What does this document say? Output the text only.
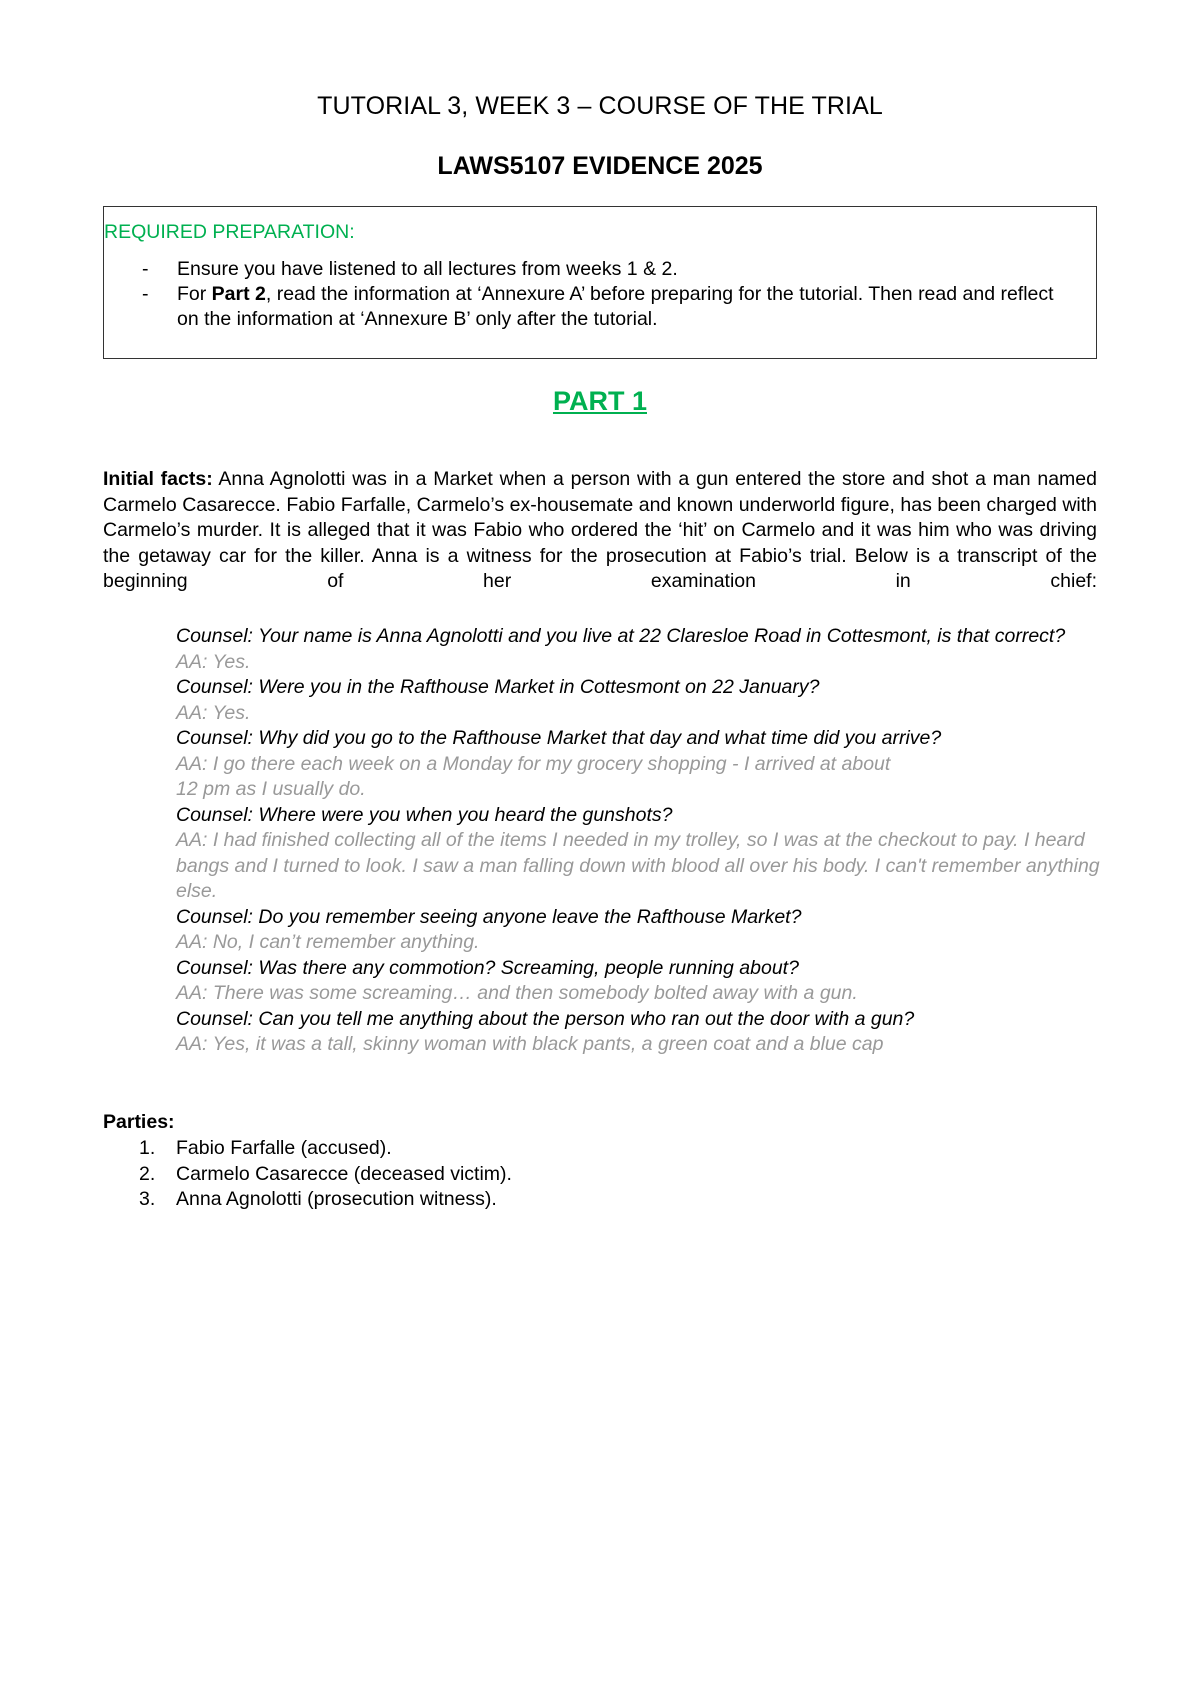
TUTORIAL 3, WEEK 3 – COURSE OF THE TRIAL
LAWS5107 EVIDENCE 2025

REQUIRED PREPARATION:

- Ensure you have listened to all lectures from weeks 1 & 2.
- For Part 2, read the information at ‘Annexure A’ before preparing for the tutorial. Then read and reflect on the information at ‘Annexure B’ only after the tutorial.
PART 1

Initial facts: Anna Agnolotti was in a Market when a person with a gun entered the store and shot a man named Carmelo Casarecce. Fabio Farfalle, Carmelo’s ex-housemate and known underworld figure, has been charged with Carmelo’s murder. It is alleged that it was Fabio who ordered the ‘hit’ on Carmelo and it was him who was driving the getaway car for the killer. Anna is a witness for the prosecution at Fabio’s trial. Below is a transcript of the beginning of her examination in chief:

Counsel: Your name is Anna Agnolotti and you live at 22 Claresloe Road in Cottesmont, is that correct?
AA: Yes.
Counsel: Were you in the Rafthouse Market in Cottesmont on 22 January?
AA: Yes.
Counsel: Why did you go to the Rafthouse Market that day and what time did you arrive?
AA: I go there each week on a Monday for my grocery shopping - I arrived at about
12 pm as I usually do.
Counsel: Where were you when you heard the gunshots?
AA: I had finished collecting all of the items I needed in my trolley, so I was at the checkout to pay. I heard bangs and I turned to look. I saw a man falling down with blood all over his body. I can't remember anything else.
Counsel: Do you remember seeing anyone leave the Rafthouse Market?
AA: No, I can’t remember anything.
Counsel: Was there any commotion? Screaming, people running about?
AA: There was some screaming… and then somebody bolted away with a gun.
Counsel: Can you tell me anything about the person who ran out the door with a gun?
AA: Yes, it was a tall, skinny woman with black pants, a green coat and a blue cap

Parties:

1. Fabio Farfalle (accused).
2. Carmelo Casarecce (deceased victim).
3. Anna Agnolotti (prosecution witness).
